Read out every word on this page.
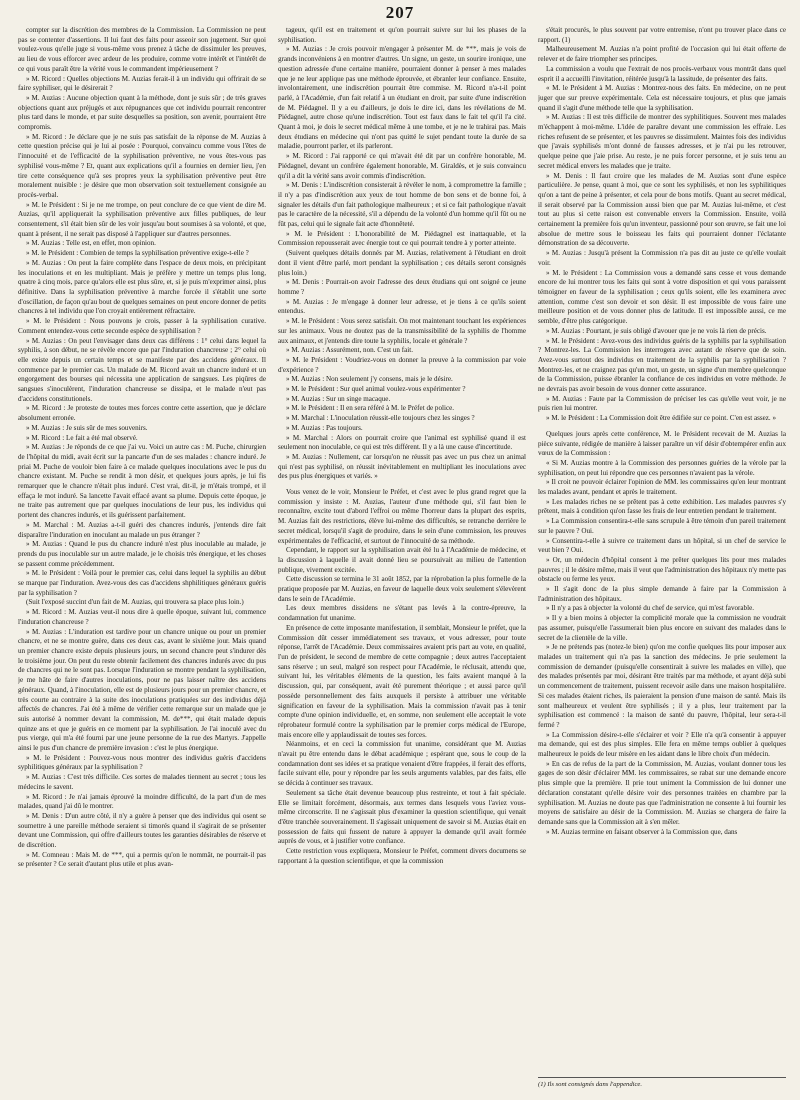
207

compter sur la discrétion des membres de la Commission. La Commission ne peut pas se contenter d'assertions. Il lui faut des faits pour asseoir son jugement. Sur quoi voulez-vous qu'elle juge si vous-même vous prenez à tâche de dissimuler les preuves, au lieu de vous efforcer avec ardeur de les produire, comme votre intérêt et l'intérêt de ce qui vous paraît être la vérité vous le commandent impérieusement ?

» M. Ricord : Quelles objections M. Auzias ferait-il à un individu qui offrirait de se faire syphiliser, qui le désirerait ?

» M. Auzias : Aucune objection quant à la méthode, dont je suis sûr ; de très graves objections quant aux préjugés et aux répugnances que cet individu pourrait rencontrer plus tard dans le monde, et par suite desquelles sa position, son avenir, pourraient être compromis.

» M. Ricord : Je déclare que je ne suis pas satisfait de la réponse de M. Auzias à cette question précise qui je lui ai posée : Pourquoi, convaincu comme vous l'êtes de l'innocuité et de l'efficacité de la syphilisation préventive, ne vous êtes-vous pas syphilisé vous-même ? Et, quant aux explications qu'il a fournies en dernier lieu, j'en tire cette conséquence qu'à ses propres yeux la syphilisation préventive peut être moralement nuisible : je désire que mon observation soit textuellement consignée au procès-verbal.

» M. le Président : Si je ne me trompe, on peut conclure de ce que vient de dire M. Auzias, qu'il appliquerait la syphilisation préventive aux filles publiques, de leur consentement, s'il était bien sûr de les voir jusqu'au bout soumises à sa volonté, et que, quant à présent, il ne serait pas disposé à l'appliquer sur d'autres personnes.

» M. Auzias : Telle est, en effet, mon opinion.

» M. le Président : Combien de temps la syphilisation préventive exige-t-elle ?

» M. Auzias : On peut la faire complète dans l'espace de deux mois, en précipitant les inoculations et en les multipliant. Mais je préfère y mettre un temps plus long, quatre à cinq mois, parce qu'alors elle est plus sûre, et, si je puis m'exprimer ainsi, plus définitive. Dans la syphilisation préventive à marche forcée il s'établit une sorte d'oscillation, de façon qu'au bout de quelques semaines on peut encore donner de petits chancres à tel individu que l'on croyait entièrement réfractaire.

» M. le Président : Nous pouvons je crois, passer à la syphilisation curative. Comment entendez-vous cette seconde espèce de syphilisation ?

» M. Auzias : On peut l'envisager dans deux cas différens : 1° celui dans lequel la syphilis, à son début, ne se révèle encore que par l'induration chancreuse ; 2° celui où elle existe depuis un certain temps et se manifeste par des accidens généraux. Il commence par le premier cas. Un malade de M. Ricord avait un chancre induré et un engorgement des bourses qui nécessita une application de sangsues. Les piqûres de sangsues s'inoculèrent, l'induration chancreuse se dissipa, et le malade n'eut pas d'accidens constitutionels.

» M. Ricord : Je proteste de toutes mes forces contre cette assertion, que je déclare absolument erronée.

» M. Auzias : Je suis sûr de mes souvenirs.

» M. Ricord : Le fait a été mal observé.

» M. Auzias : Je réponds de ce que j'ai vu. Voici un autre cas : M. Puche, chirurgien de l'hôpital du midi, avait écrit sur la pancarte d'un de ses malades : chancre induré. Je priai M. Puche de vouloir bien faire à ce malade quelques inoculations avec le pus du chancre existant. M. Puche se rendit à mon désir, et quelques jours après, je lui fis remarquer que le chancre n'était plus induré. C'est vrai, dit-il, je m'étais trompé, et il effaça le mot induré. Sa lancette l'avait effacé avant sa plume. Depuis cette époque, je ne traite pas autrement que par quelques inoculations de leur pus, les individus qui portent des chancres indurés, et ils guérissent parfaitement.

» M. Marchal : M. Auzias a-t-il guéri des chancres indurés, j'entends dire fait disparaître l'induration en inoculant au malade un pus étranger ?

» M. Auzias : Quand le pus du chancre induré n'est plus inoculable au malade, je prends du pus inoculable sur un autre malade, je le choisis très énergique, et les choses se passent comme précédemment.

» M. le Président : Voilà pour le premier cas, celui dans lequel la syphilis au début se marque par l'induration. Avez-vous des cas d'accidens shphilitiques généraux guéris par la syphilisation ?

(Suit l'exposé succint d'un fait de M. Auzias, qui trouvera sa place plus loin.)

» M. Ricord : M. Auzias veut-il nous dire à quelle époque, suivant lui, commence l'induration chancreuse ?

» M. Auzias : L'induration est tardive pour un chancre unique ou pour un premier chancre, et ne se montre guère, dans ces deux cas, avant le sixième jour. Mais quand un premier chancre existe depuis plusieurs jours, un second chancre peut s'indurer dès le troisième jour. On peut du reste obtenir facilement des chancres indurés avec du pus de chancres qui ne le sont pas. Lorsque l'induration se montre pendant la syphilisation, je me hâte de faire d'autres inoculations, pour ne pas laisser naître des accidens généraux. Quand, à l'inoculation, elle est de plusieurs jours pour un premier chancre, et très courte au contraire à la suite des inoculations pratiquées sur des individus déjà affectés de chancres. J'ai été à même de vérifier cette remarque sur un malade que je suis autorisé à nommer devant la commission, M. de***, qui était malade depuis quinze ans et que je guéris en ce moment par la syphilisation. Je l'ai inoculé avec du pus vierge, qui m'a été fourni par une jeune personne de la rue des Martyrs. J'appelle ainsi le pus d'un chancre de première invasion : c'est le plus énergique.

» M. le Président : Pouvez-vous nous montrer des individus guéris d'accidens syphilitiques généraux par la syphilisation ?

» M. Auzias : C'est très difficile. Ces sortes de malades tiennent au secret ; tous les médecins le savent.

» M. Ricord : Je n'ai jamais éprouvé la moindre difficulté, de la part d'un de mes malades, quand j'ai dû le montrer.

» M. Denis : D'un autre côté, il n'y a guère à penser que des individus qui osent se soumettre à une pareille méthode seraient si timorés quand il s'agirait de se présenter devant une Commission, qui offre d'ailleurs toutes les garanties désirables de réserve et de discrétion.

» M. Comneau : Mais M. de ***, qui a permis qu'on le nommât, ne pourrait-il pas se présenter ? Ce serait d'autant plus utile et plus avan-

tageux, qu'il est en traitement et qu'on pourrait suivre sur lui les phases de la syphilisation.

» M. Auzias : Je crois pouvoir m'engager à présenter M. de ***, mais je vois de grands inconvéniens à en montrer d'autres. Un signe, un geste, un sourire ironique, une question adressée d'une certaine manière, pourraient donner à penser à mes malades que je ne leur applique pas une méthode éprouvée, et ébranler leur confiance. Ensuite, involontairement, une indiscrétion pourrait être commise. M. Ricord n'a-t-il point parlé, à l'Académie, d'un fait relatif à un étudiant en droit, par suite d'une indiscrétion de M. Piédagnel. Il y a eu d'ailleurs, je dois le dire ici, dans les révélations de M. Piédagnel, autre chose qu'une indiscrétion. Tout est faux dans le fait tel qu'il l'a cité. Quant à moi, je dois le secret médical même à une tombe, et je ne le trahirai pas. Mais deux étudians en médecine qui n'ont pas quitté le sujet pendant toute la durée de sa maladie, pourront parler, et ils parleront.

» M. Ricord : J'ai rapporté ce qui m'avait été dit par un confrère honorable, M. Piédagnel, devant un confrère également honorable, M. Giraldès, et je suis convaincu qu'il a dit la vérité sans avoir commis d'indiscrétion.

» M. Denis : L'indiscrétion consisterait à révéler le nom, à compromettre la famille ; il n'y a pas d'indiscrétion aux yeux de tout homme de bon sens et de bonne foi, à signaler les détails d'un fait pathologique malheureux ; et si ce fait pathologique n'avait pas le caractère de la nécessité, s'il a dépendu de la volonté d'un homme qu'il fût ou ne fût pas, celui qui le signale fait acte d'honnêteté.

» M. le Président : L'honorabilité de M. Piédagnel est inattaquable, et la Commission repousserait avec énergie tout ce qui pourrait tendre à y porter atteinte.

(Suivent quelques détails donnés par M. Auzias, relativement à l'étudiant en droit dont il vient d'être parlé, mort pendant la syphilisation ; ces détails seront consignés plus loin.)

» M. Denis : Pourrait-on avoir l'adresse des deux étudians qui ont soigné ce jeune homme ?

» M. Auzias : Je m'engage à donner leur adresse, et je tiens à ce qu'ils soient entendus.

» M. le Président : Vous serez satisfait. On mot maintenant touchant les expériences sur les animaux. Vous ne doutez pas de la transmissibilité de la syphilis de l'homme aux animaux, et j'entends dire toute la syphilis, locale et générale ?

» M. Auzias : Assurément, non. C'est un fait.

» M. le Président : Voudriez-vous en donner la preuve à la commission par voie d'expérience ?

» M. Auzias : Non seulement j'y consens, mais je le désire.

» M. le Président : Sur quel animal voulez-vous expérimenter ?

» M. Auzias : Sur un singe macaque.

» M. le Président : Il en sera référé à M. le Préfet de police.

» M. Marchal : L'inoculation réussit-elle toujours chez les singes ?

» M. Auzias : Pas toujours.

» M. Marchal : Alors on pourrait croire que l'animal est syphilisé quand il est seulement non inoculable, ce qui est très différent. Il y a là une cause d'incertitude.

» M. Auzias : Nullement, car lorsqu'on ne réussit pas avec un pus chez un animal qui n'est pas syphilisé, on réussit inévitablement en multipliant les inoculations avec des pus plus énergiques et variés. »

Vous venez de le voir, Monsieur le Préfet, et c'est avec le plus grand regret que la commission y insiste : M. Auzias, l'auteur d'une méthode qui, s'il faut bien le reconnaître, excite tout d'abord l'effroi ou même l'horreur dans la plupart des esprits, M. Auzias fait des restrictions, élève lui-même des difficultés, se retranche derrière le secret médical, lorsqu'il s'agit de produire, dans le sein d'une commission, les preuves expérimentales de l'efficacité, et surtout de l'innocuité de sa méthode.

Cependant, le rapport sur la syphilisation avait été lu à l'Académie de médecine, et la discussion à laquelle il avait donné lieu se poursuivait au milieu de l'attention publique, vivement excitée.

Cette discussion se termina le 31 août 1852, par la réprobation la plus formelle de la pratique proposée par M. Auzias, en faveur de laquelle deux voix seulement s'élevèrent dans le sein de l'Académie.

Les deux membres dissidens ne s'étant pas levés à la contre-épreuve, la condamnation fut unanime.

En présence de cette imposante manifestation, il semblait, Monsieur le préfet, que la Commission dût cesser immédiatement ses travaux, et vous adresser, pour toute réponse, l'arrêt de l'Académie. Deux commissaires avaient pris part au vote, en qualité, l'un de président, le second de membre de cette compagnie ; deux autres l'acceptaient sans réserve ; un seul, malgré son respect pour l'Académie, le réclusait, attendu que, suivant lui, les véritables éléments de la question, les faits avaient manqué à la discussion, qui, par conséquent, avait été purement théorique ; et aussi parce qu'il possède personnellement des faits auxquels il persiste à attribuer une véritable signification en faveur de la syphilisation. Mais la commission n'avait pas à tenir compte d'une opinion individuelle, et, en somme, non seulement elle acceptait le vote réprobateur formulé contre la syphilisation par le premier corps médical de l'Europe, mais encore elle y applaudissait de toutes ses forces.

Néanmoins, et en ceci la commission fut unanime, considérant que M. Auzias n'avait pu être entendu dans le débat académique ; espérant que, sous le coup de la condamnation dont ses idées et sa pratique venaient d'être frappées, il ferait des efforts, facile suivant elle, pour y répondre par les seuls arguments valables, par des faits, elle se décida à continuer ses travaux.

Seulement sa tâche était devenue beaucoup plus restreinte, et tout à fait spéciale. Elle se limitait forcément, désormais, aux termes dans lesquels vous l'aviez vous-même circonscrite. Il ne s'agissait plus d'examiner la question scientifique, qui venait d'être tranchée souverainement. Il s'agissait uniquement de savoir si M. Auzias était en possession de faits qui fussent de nature à appuyer la demande qu'il avait formée auprès de vous, et à justifier votre confiance.

Cette restriction vous expliquera, Monsieur le Préfet, comment divers documens se rapportant à la question scientifique, et que la commission

s'était procurés, le plus souvent par votre entremise, n'ont pu trouver place dans ce rapport. (1)

Malheureusement M. Auzias n'a point profité de l'occasion qui lui était offerte de relever et de faire triompher ses principes.

La commission a voulu que l'extrait de nos procès-verbaux vous montrât dans quel esprit il a accueilli l'invitation, réitérée jusqu'à la lassitude, de présenter des faits.

« M. le Président à M. Auzias : Montrez-nous des faits. En médecine, on ne peut juger que sur preuve expérimentale. Cela est nécessaire toujours, et plus que jamais quand il s'agit d'une méthode telle que la syphilisation.

» M. Auzias : Il est très difficile de montrer des syphilitiques. Souvent mes malades m'échappent à moi-même. L'idée de paraître devant une commission les effraie. Les riches refusent de se présenter, et les pauvres se dissimulent. Maintes fois des individus que j'avais syphilisés m'ont donné de fausses adresses, et je n'ai pu les retrouver, quelque peine que j'aie prise. Au reste, je ne puis forcer personne, et je suis tenu au secret médical envers les malades que je traite.

» M. Denis : Il faut croire que les malades de M. Auzias sont d'une espèce particulière. Je pense, quant à moi, que ce sont les syphilisés, et non les syphilitiques qu'on a tant de peine à présenter, et cela pour de bons motifs. Quant au secret médical, il serait observé par la Commission aussi bien que par M. Auzias lui-même, et c'est tout au plus si cette raison est convenable envers la Commission. Ensuite, voilà certainement la première fois qu'un inventeur, passionné pour son œuvre, se fait une loi absolue de mettre sous le boisseau les faits qui pourraient donner l'éclatante démonstration de sa découverte.

» M. Auzias : Jusqu'à présent la Commission n'a pas dit au juste ce qu'elle voulait voir.

» M. le Président : La Commission vous a demandé sans cesse et vous demande encore de lui montrer tous les faits qui sont à votre disposition et qui vous paraissent témoigner en faveur de la syphilisation ; ceux qu'ils soient, elle les examinera avec attention, comme c'est son devoir et son désir. Il est impossible de vous faire une meilleure position et de vous donner plus de latitude. Il est impossible aussi, ce me semble, d'être plus catégorique.

» M. Auzias : Pourtant, je suis obligé d'avouer que je ne vois là rien de précis.

» M. le Président : Avez-vous des individus guéris de la syphilis par la syphilisation ? Montrez-les. La Commission les interrogera avec autant de réserve que de soin. Avez-vous surtout des individus en traitement de la syphilis par la syphilisation ? Montrez-les, et ne craignez pas qu'un mot, un geste, un signe d'un membre quelconque de la Commission, puisse ébranler la confiance de ces individus en votre méthode. Je ne devrais pas avoir besoin de vous donner cette assurance.

» M. Auzias : Faute par la Commission de préciser les cas qu'elle veut voir, je ne puis rien lui montrer.

» M. le Président : La Commission doit être édifiée sur ce point. C'en est assez. »

Quelques jours après cette conférence, M. le Président recevait de M. Auzias la pièce suivante, rédigée de manière à laisser paraître un vif désir d'obtempérer enfin aux vœux de la Commission :

« Si M. Auzias montre à la Commission des personnes guéries de la vérole par la syphilisation, on peut lui répondre que ces personnes n'avaient pas la vérole.

» Il croit ne pouvoir éclairer l'opinion de MM. les commissaires qu'en leur montrant les malades avant, pendant et après le traitement.

» Les malades riches ne se prêtent pas à cette exhibition. Les malades pauvres s'y prêtent, mais à condition qu'on fasse les frais de leur entretien pendant le traitement.

» La Commission consentira-t-elle sans scrupule à être témoin d'un pareil traitement sur le pauvre ? Oui.

» Consentira-t-elle à suivre ce traitement dans un hôpital, si un chef de service le veut bien ? Oui.

» Or, un médecin d'hôpital consent à me prêter quelques lits pour mes malades pauvres ; il le désire même, mais il veut que l'administration des hôpitaux n'y mette pas obstacle ou ferme les yeux.

» Il s'agit donc de la plus simple demande à faire par la Commission à l'administration des hôpitaux.

» Il n'y a pas à objecter la volonté du chef de service, qui m'est favorable.

» Il y a bien moins à objecter la complicité morale que la commission ne voudrait pas assumer, puisqu'elle l'assumerait bien plus encore en suivant des malades dans le secret de la clientèle de la ville.

» Je ne prétends pas (notez-le bien) qu'on me confie quelques lits pour imposer aux malades un traitement qui n'a pas la sanction des médecins. Je prie seulement la commission de demander (puisqu'elle consentirait à suivre les malades en ville), que des malades présentés par moi, désirant être traités par ma méthode, et ayant déjà subi un commencement de traitement, puissent recevoir asile dans une maison hospitalière. Si ces malades étaient riches, ils paieraient la pension d'une maison de santé. Mais ils sont malheureux et veulent être syphilisés ; il y a plus, leur traitement par la syphilisation est commencé : la maison de santé du pauvre, l'hôpital, leur sera-t-il fermé ?

» La Commission désire-t-elle s'éclairer et voir ? Elle n'a qu'à consentir à appuyer ma demande, qui est des plus simples. Elle fera en même temps oublier à quelques malheureux le poids de leur misère en les aidant dans le libre choix d'un médecin.

» En cas de refus de la part de la Commission, M. Auzias, voulant donner tous les gages de son désir d'éclairer MM. les commissaires, se rabat sur une demande encore plus simple que la première. Il prie tout uniment la Commission de lui donner une déclaration constatant qu'elle désire voir des personnes traitées en chambre par la syphilisation. M. Auzias ne doute pas que l'administration ne consente à lui fournir les moyens de satisfaire au désir de la Commission. M. Auzias se chargera de faire la demande sans que la Commission ait à s'en mêler.

» M. Auzias termine en faisant observer à la Commission que, dans

(1) Ils sont consignés dans l'appendice.
